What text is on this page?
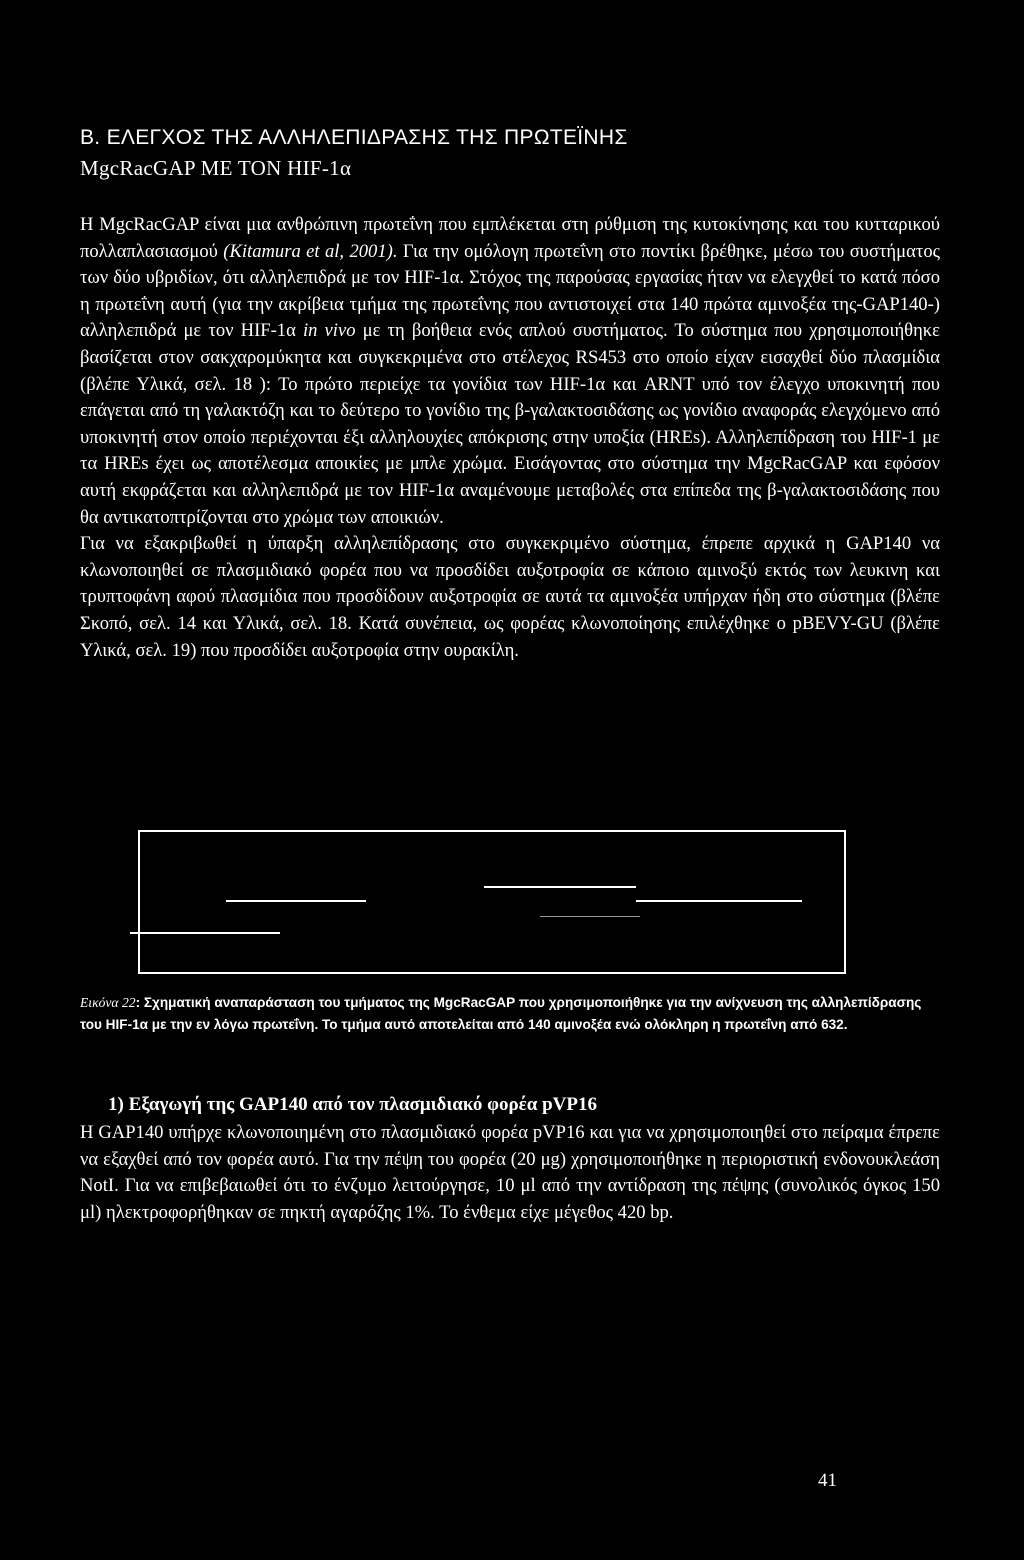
B. ΕΛΕΓΧΟΣ ΤΗΣ ΑΛΛΗΛΕΠΙΔΡΑΣΗΣ ΤΗΣ ΠΡΩΤΕΪΝΗΣ
MgcRacGAP ΜΕ ΤΟΝ HIF-1α

Η MgcRacGAP είναι μια ανθρώπινη πρωτεΐνη που εμπλέκεται στη ρύθμιση της κυτοκίνησης και του κυτταρικού πολλαπλασιασμού (Kitamura et al, 2001). Για την ομόλογη πρωτεΐνη στο ποντίκι βρέθηκε, μέσω του συστήματος των δύο υβριδίων, ότι αλληλεπιδρά με τον HIF-1α. Στόχος της παρούσας εργασίας ήταν να ελεγχθεί το κατά πόσο η πρωτεΐνη αυτή (για την ακρίβεια τμήμα της πρωτεΐνης που αντιστοιχεί στα 140 πρώτα αμινοξέα της-GAP140-) αλληλεπιδρά με τον HIF-1α in vivo με τη βοήθεια ενός απλού συστήματος. Το σύστημα που χρησιμοποιήθηκε βασίζεται στον σακχαρομύκητα και συγκεκριμένα στο στέλεχος RS453 στο οποίο είχαν εισαχθεί δύο πλασμίδια (βλέπε Υλικά, σελ. 18 ): Το πρώτο περιείχε τα γονίδια των HIF-1α και ARNT υπό τον έλεγχο υποκινητή που επάγεται από τη γαλακτόζη και το δεύτερο το γονίδιο της β-γαλακτοσιδάσης ως γονίδιο αναφοράς ελεγχόμενο από υποκινητή στον οποίο περιέχονται έξι αλληλουχίες απόκρισης στην υποξία (HREs). Αλληλεπίδραση του HIF-1 με τα HREs έχει ως αποτέλεσμα αποικίες με μπλε χρώμα. Εισάγοντας στο σύστημα την MgcRacGAP και εφόσον αυτή εκφράζεται και αλληλεπιδρά με τον HIF-1α αναμένουμε μεταβολές στα επίπεδα της β-γαλακτοσιδάσης που θα αντικατοπτρίζονται στο χρώμα των αποικιών.

Για να εξακριβωθεί η ύπαρξη αλληλεπίδρασης στο συγκεκριμένο σύστημα, έπρεπε αρχικά η GAP140 να κλωνοποιηθεί σε πλασμιδιακό φορέα που να προσδίδει αυξοτροφία σε κάποιο αμινοξύ εκτός των λευκινη και τρυπτοφάνη αφού πλασμίδια που προσδίδουν αυξοτροφία σε αυτά τα αμινοξέα υπήρχαν ήδη στο σύστημα (βλέπε Σκοπό, σελ. 14 και Υλικά, σελ. 18. Κατά συνέπεια, ως φορέας κλωνοποίησης επιλέχθηκε ο pBEVY-GU (βλέπε Υλικά, σελ. 19) που προσδίδει αυξοτροφία στην ουρακίλη.

Εικόνα 22: Σχηματική αναπαράσταση του τμήματος της MgcRacGAP που χρησιμοποιήθηκε για την ανίχνευση της αλληλεπίδρασης του HIF-1α με την εν λόγω πρωτεΐνη. Το τμήμα αυτό αποτελείται από 140 αμινοξέα ενώ ολόκληρη η πρωτεΐνη από 632.
1) Εξαγωγή της GAP140 από τον πλασμιδιακό φορέα pVP16

Η GAP140 υπήρχε κλωνοποιημένη στο πλασμιδιακό φορέα pVP16 και για να χρησιμοποιηθεί στο πείραμα έπρεπε να εξαχθεί από τον φορέα αυτό. Για την πέψη του φορέα (20 μg) χρησιμοποιήθηκε η περιοριστική ενδονουκλεάση NotI. Για να επιβεβαιωθεί ότι το ένζυμο λειτούργησε, 10 μl από την αντίδραση της πέψης (συνολικός όγκος 150 μl) ηλεκτροφορήθηκαν σε πηκτή αγαρόζης 1%. Το ένθεμα είχε μέγεθος 420 bp.

41
